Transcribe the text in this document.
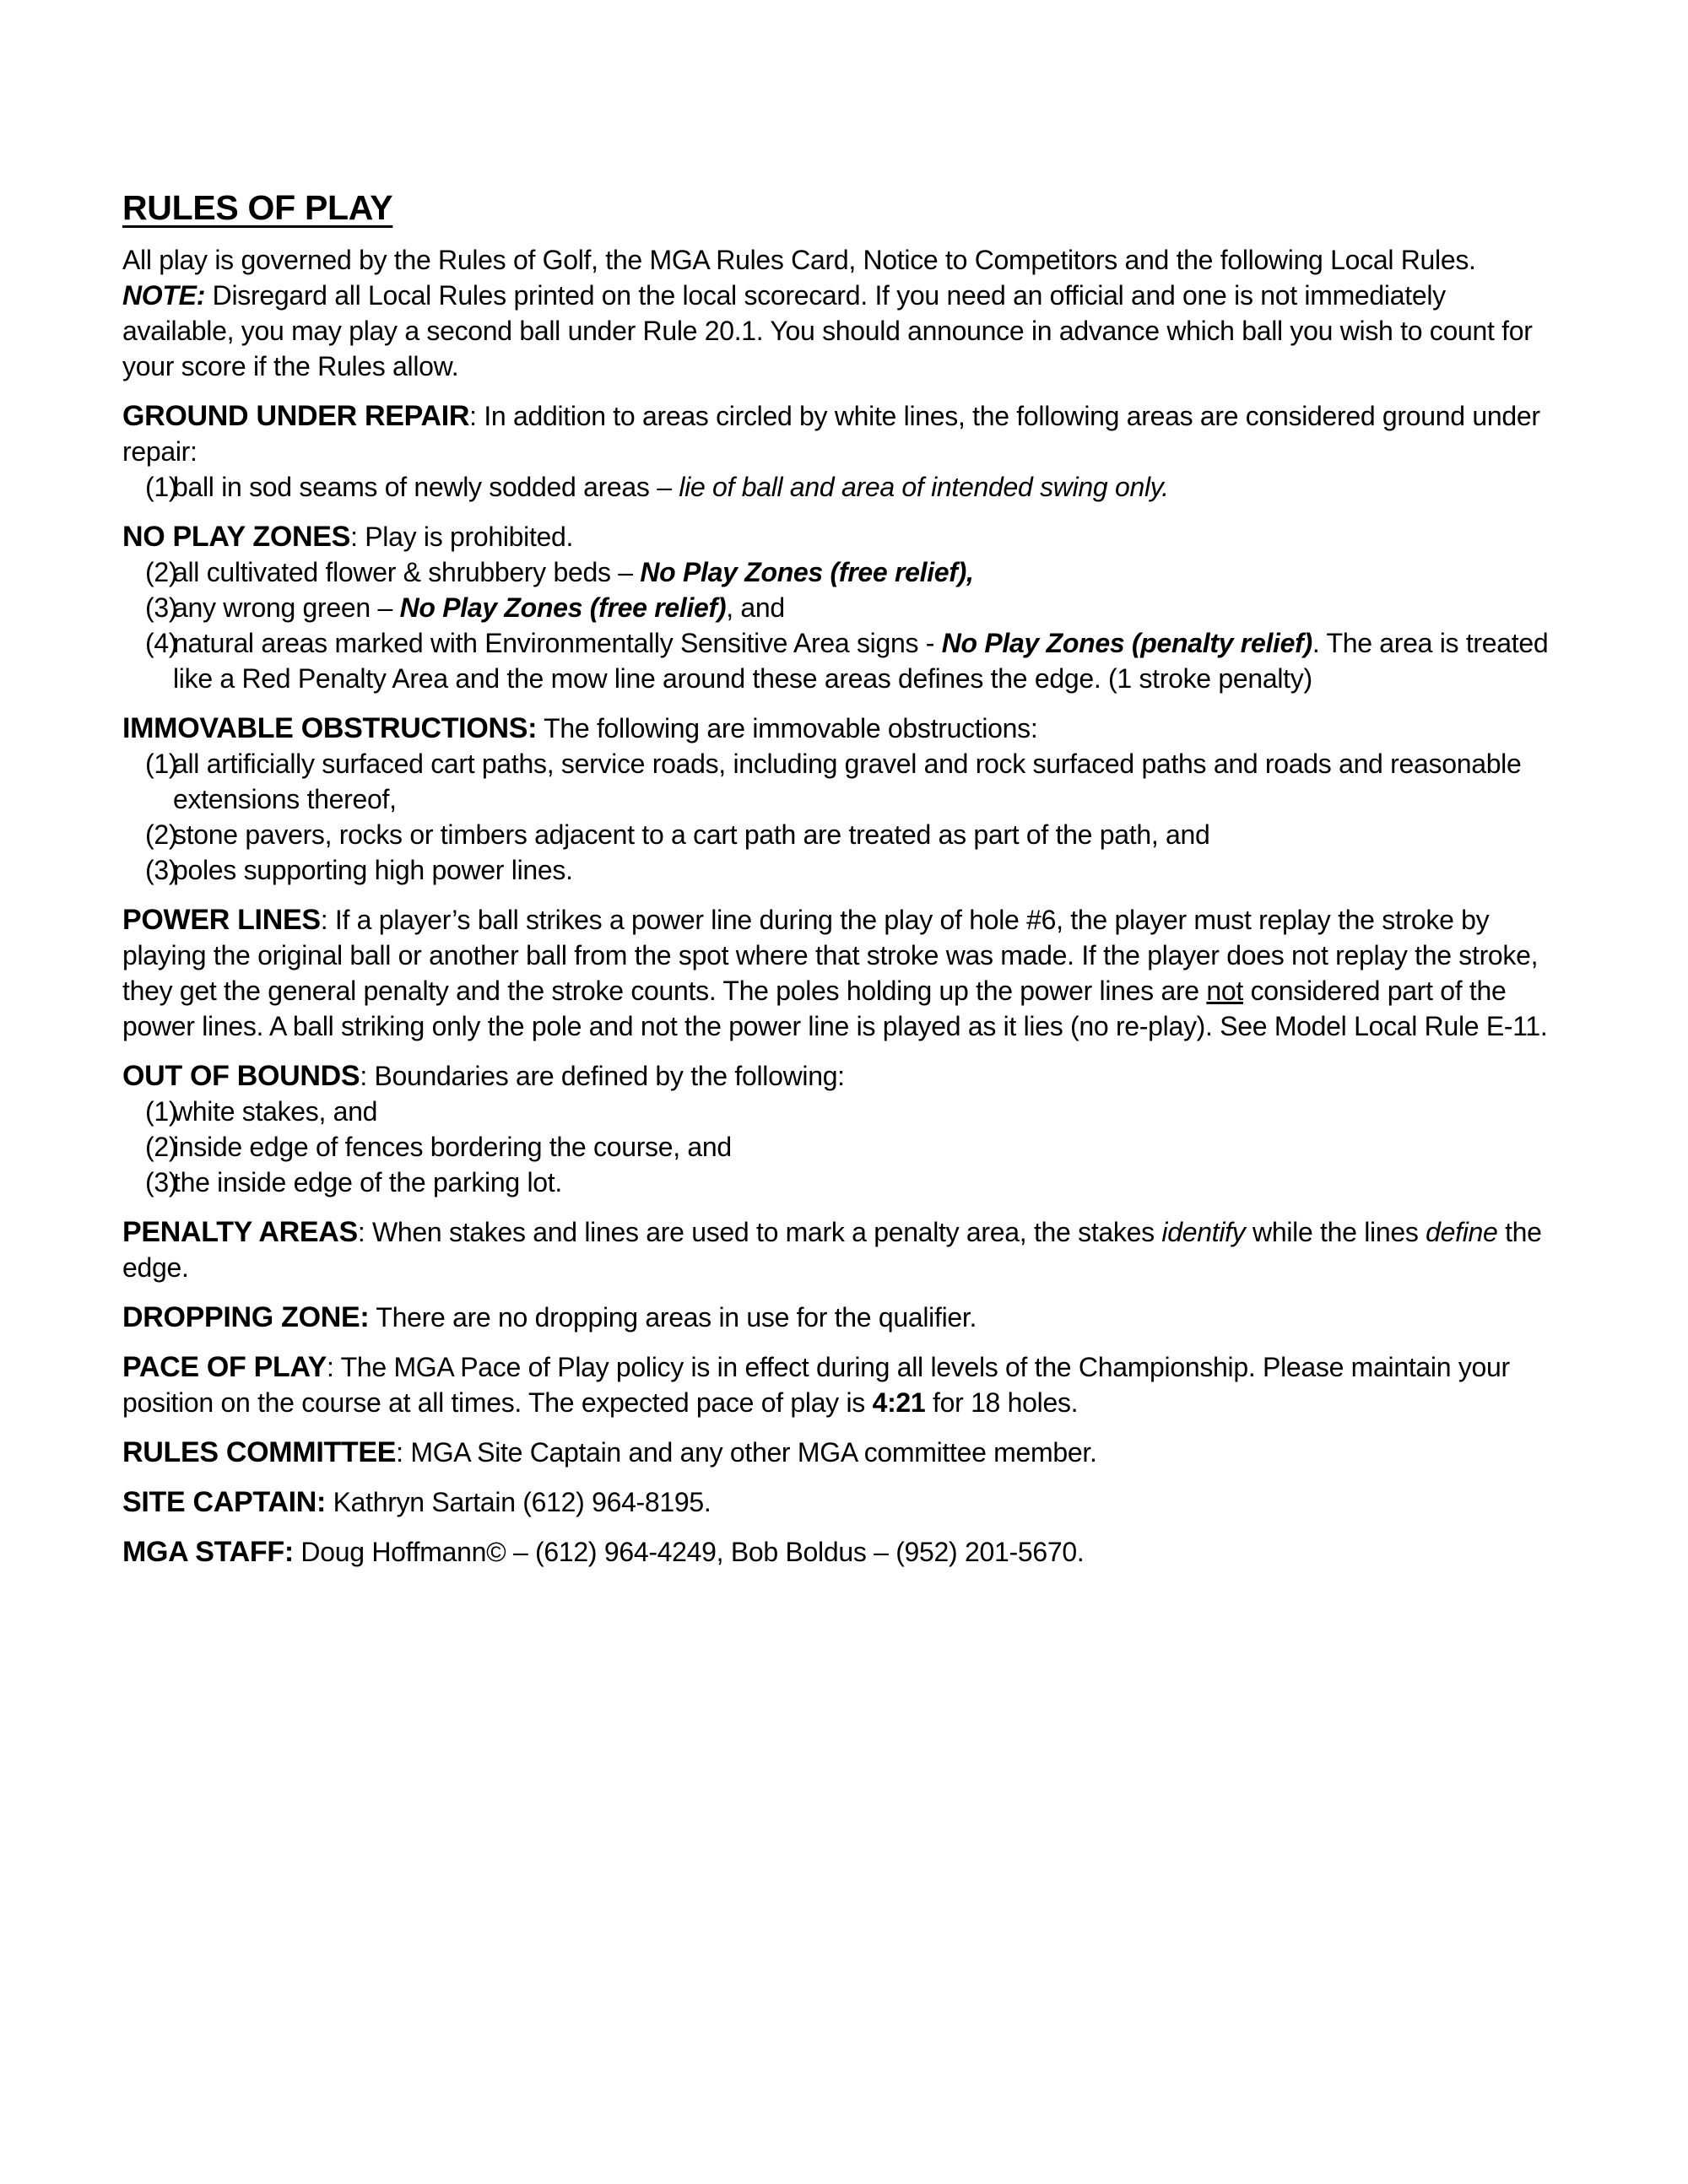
RULES OF PLAY

All play is governed by the Rules of Golf, the MGA Rules Card, Notice to Competitors and the following Local Rules. NOTE: Disregard all Local Rules printed on the local scorecard. If you need an official and one is not immediately available, you may play a second ball under Rule 20.1. You should announce in advance which ball you wish to count for your score if the Rules allow.

GROUND UNDER REPAIR: In addition to areas circled by white lines, the following areas are considered ground under repair:

(1)
ball in sod seams of newly sodded areas – lie of ball and area of intended swing only.

NO PLAY ZONES: Play is prohibited.

(2)
all cultivated flower & shrubbery beds – No Play Zones (free relief),
(3)
any wrong green – No Play Zones (free relief), and
(4)
natural areas marked with Environmentally Sensitive Area signs - No Play Zones (penalty relief). The area is treated like a Red Penalty Area and the mow line around these areas defines the edge. (1 stroke penalty)

IMMOVABLE OBSTRUCTIONS: The following are immovable obstructions:

(1)
all artificially surfaced cart paths, service roads, including gravel and rock surfaced paths and roads and reasonable extensions thereof,
(2)
stone pavers, rocks or timbers adjacent to a cart path are treated as part of the path, and
(3)
poles supporting high power lines.

POWER LINES: If a player’s ball strikes a power line during the play of hole #6, the player must replay the stroke by playing the original ball or another ball from the spot where that stroke was made. If the player does not replay the stroke, they get the general penalty and the stroke counts. The poles holding up the power lines are not considered part of the power lines. A ball striking only the pole and not the power line is played as it lies (no re-play). See Model Local Rule E-11.

OUT OF BOUNDS: Boundaries are defined by the following:

(1)
white stakes, and
(2)
inside edge of fences bordering the course, and
(3)
the inside edge of the parking lot.

PENALTY AREAS: When stakes and lines are used to mark a penalty area, the stakes identify while the lines define the edge.

DROPPING ZONE: There are no dropping areas in use for the qualifier.

PACE OF PLAY: The MGA Pace of Play policy is in effect during all levels of the Championship. Please maintain your position on the course at all times. The expected pace of play is 4:21 for 18 holes.

RULES COMMITTEE: MGA Site Captain and any other MGA committee member.

SITE CAPTAIN: Kathryn Sartain (612) 964-8195.

MGA STAFF: Doug Hoffmann© – (612) 964-4249, Bob Boldus – (952) 201-5670.
